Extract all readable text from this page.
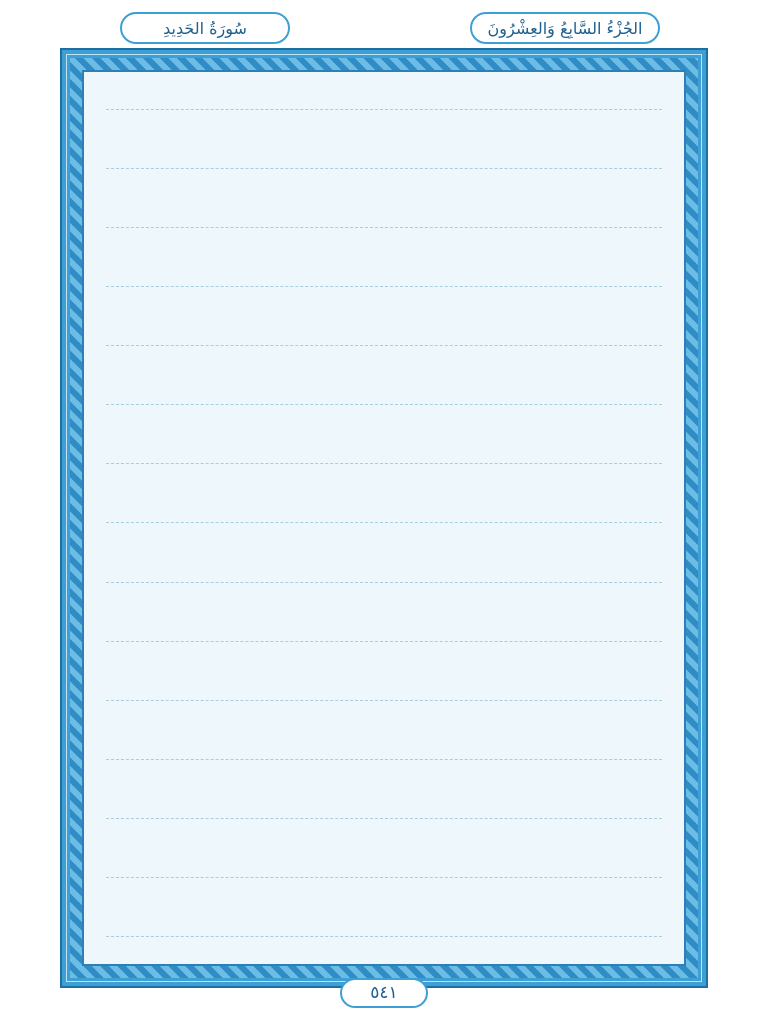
سُورَةُ الحَدِيدِ	الجُزْءُ السَّابِعُ وَالعِشْرُونَ
٥٤١
